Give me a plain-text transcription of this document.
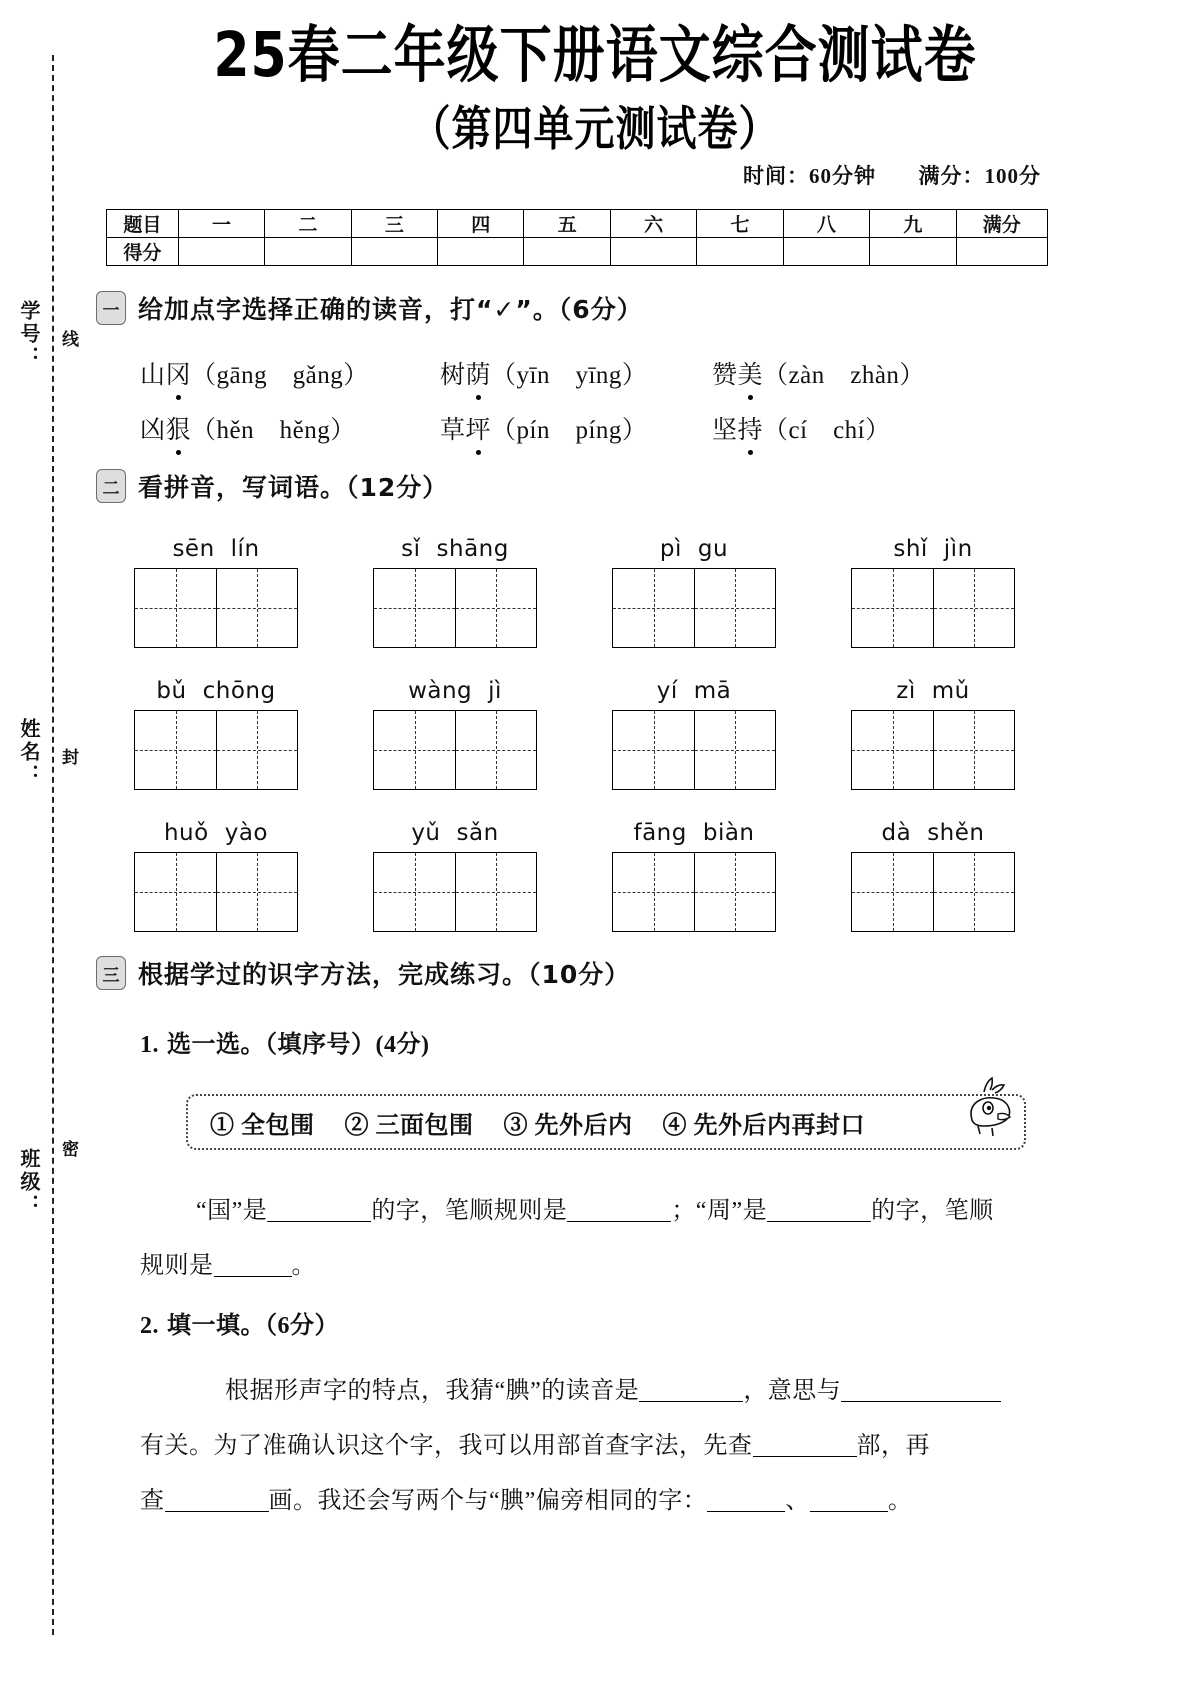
学号： 线
姓名： 封
班级： 密
25春二年级下册语文综合测试卷
（第四单元测试卷）
时间：60分钟 满分：100分
题目	一	二	三	四	五	六	七	八	九	满分
得分										
一 给加点字选择正确的读音，打“✓”。（6分）
山冈（gāng　gǎng）	树荫（yīn　yīng）	赞美（zàn　zhàn）
凶狠（hěn　hěng）	草坪（pín　píng）	坚持（cí　chí）
二 看拼音，写词语。（12分）
sēn lín	sǐ shāng	pì gu	shǐ jìn
bǔ chōng	wàng jì	yí mā	zì mǔ
huǒ yào	yǔ sǎn	fāng biàn	dà shěn
三 根据学过的识字方法，完成练习。（10分）
1. 选一选。（填序号）(4分)
① 全包围 ② 三面包围 ③ 先外后内 ④ 先外后内再封口
“国”是	的字，笔顺规则是	；“周”是	的字，笔顺
规则是	。
2. 填一填。（6分）
根据形声字的特点，我猜“腆”的读音是	，意思与
有关。为了准确认识这个字，我可以用部首查字法，先查	部，再
查	画。我还会写两个与“腆”偏旁相同的字：	、	。
